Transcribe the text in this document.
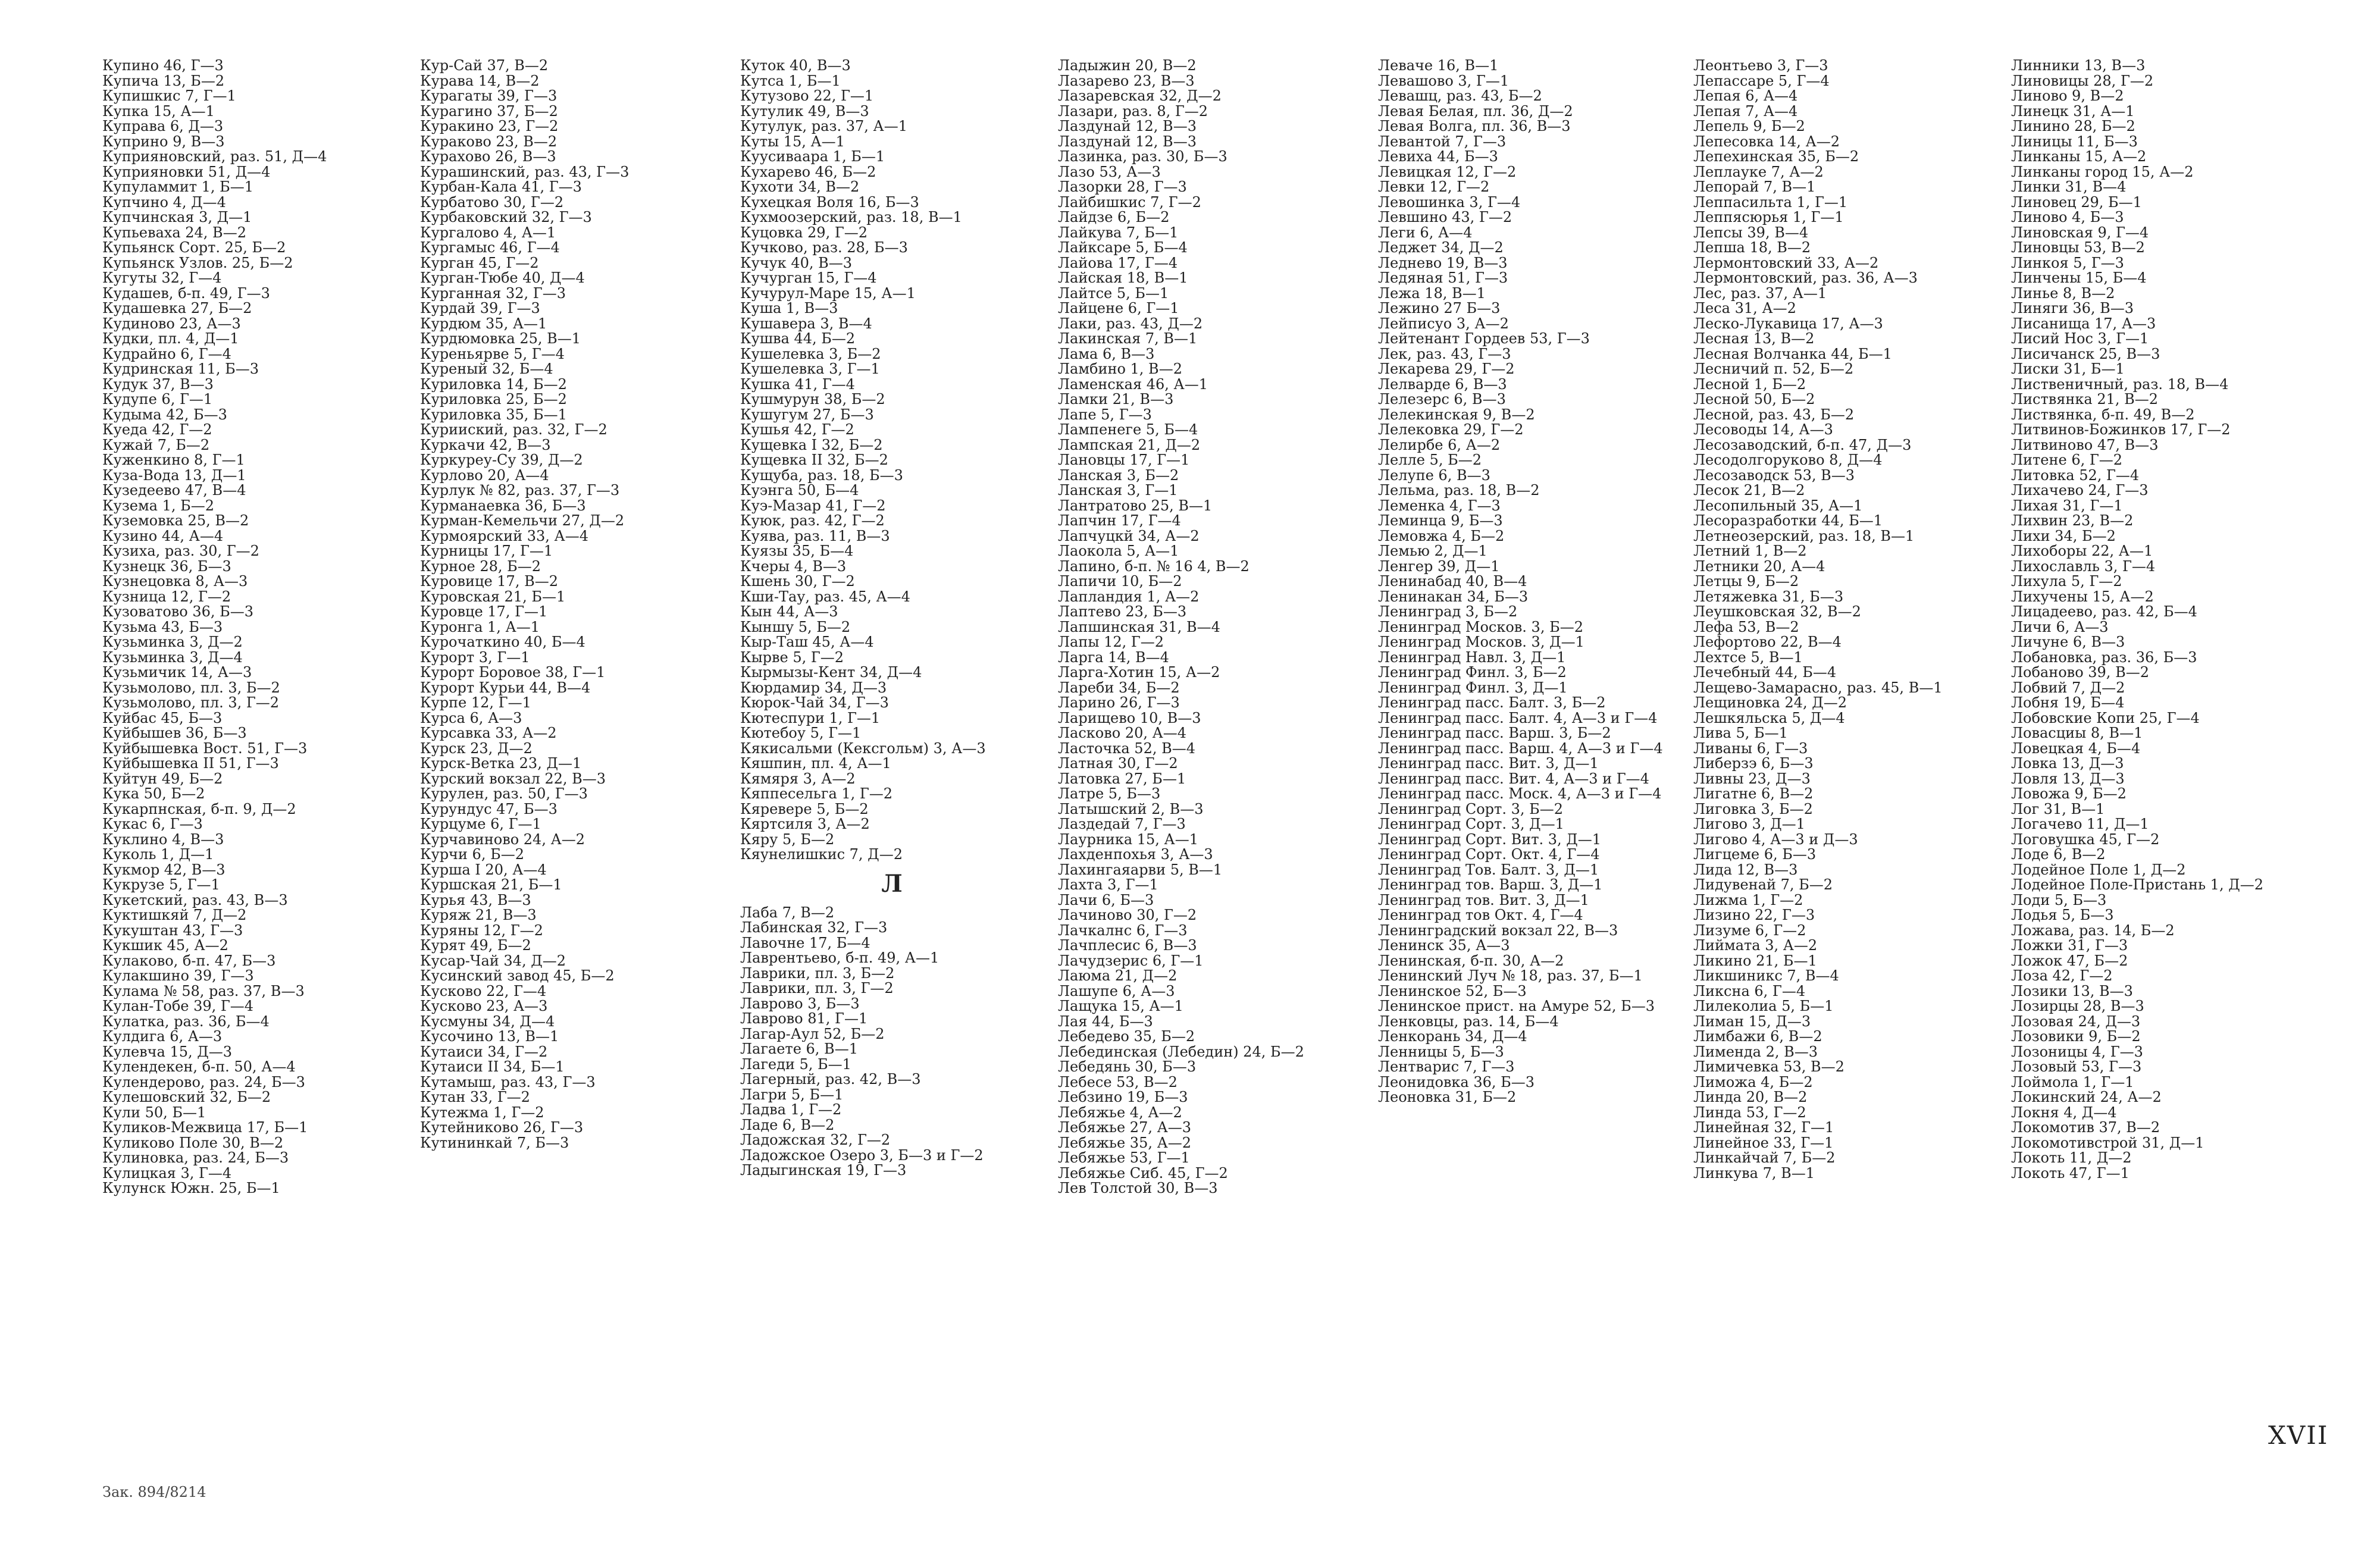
Купино 46, Г—3
Купича 13, Б—2
Купишкис 7, Г—1
Купка 15, А—1
Куправа 6, Д—3
Куприно 9, В—3
Куприяновский, раз. 51, Д—4
Куприяновки 51, Д—4
Купуламмит 1, Б—1
Купчино 4, Д—4
Купчинская 3, Д—1
Купьеваха 24, В—2
Купьянск Сорт. 25, Б—2
Купьянск Узлов. 25, Б—2
Кугуты 32, Г—4
Кудашев, б-п. 49, Г—3
Кудашевка 27, Б—2
Кудиново 23, А—3
Кудки, пл. 4, Д—1
Кудрайно 6, Г—4
Кудринская 11, Б—3
Кудук 37, В—3
Кудупе 6, Г—1
Кудыма 42, Б—3
Куеда 42, Г—2
Кужай 7, Б—2
Куженкино 8, Г—1
Куза-Вода 13, Д—1
Кузедеево 47, В—4
Кузема 1, Б—2
Куземовка 25, В—2
Кузино 44, А—4
Кузиха, раз. 30, Г—2
Кузнецк 36, Б—3
Кузнецовка 8, А—3
Кузница 12, Г—2
Кузоватово 36, Б—3
Кузьма 43, Б—3
Кузьминка 3, Д—2
Кузьминка 3, Д—4
Кузьмичик 14, А—3
Кузьмолово, пл. 3, Б—2
Кузьмолово, пл. 3, Г—2
Куйбас 45, Б—3
Куйбышев 36, Б—3
Куйбышевка Вост. 51, Г—3
Куйбышевка II 51, Г—3
Куйтун 49, Б—2
Кука 50, Б—2
Кукарпнская, б-п. 9, Д—2
Кукас 6, Г—3
Куклино 4, В—3
Куколь 1, Д—1
Кукмор 42, В—3
Кукрузе 5, Г—1
Кукетский, раз. 43, В—3
Куктишкяй 7, Д—2
Кукуштан 43, Г—3
Кукшик 45, А—2
Кулаково, б-п. 47, Б—3
Кулакшино 39, Г—3
Кулама № 58, раз. 37, В—3
Кулан-Тобе 39, Г—4
Кулатка, раз. 36, Б—4
Кулдига 6, А—3
Кулевча 15, Д—3
Кулендекен, б-п. 50, А—4
Кулендерово, раз. 24, Б—3
Кулешовский 32, Б—2
Кули 50, Б—1
Куликов-Межвица 17, Б—1
Куликово Поле 30, В—2
Кулиновка, раз. 24, Б—3
Кулицкая 3, Г—4
Кулунск Южн. 25, Б—1
Кур-Сай 37, В—2
Курава 14, В—2
Курагаты 39, Г—3
Курагино 37, Б—2
Куракино 23, Г—2
Кураково 23, В—2
Курахово 26, В—3
Курашинский, раз. 43, Г—3
Курбан-Кала 41, Г—3
Курбатово 30, Г—2
Курбаковский 32, Г—3
Кургалово 4, А—1
Кургамыс 46, Г—4
Курган 45, Г—2
Курган-Тюбе 40, Д—4
Курганная 32, Г—3
Курдай 39, Г—3
Курдюм 35, А—1
Курдюмовка 25, В—1
Куреньярве 5, Г—4
Куреный 32, Б—4
Куриловка 14, Б—2
Куриловка 25, Б—2
Куриловка 35, Б—1
Курииский, раз. 32, Г—2
Куркачи 42, В—3
Куркуреу-Су 39, Д—2
Курлово 20, А—4
Курлук № 82, раз. 37, Г—3
Курманаевка 36, Б—3
Курман-Кемельчи 27, Д—2
Курмоярский 33, А—4
Курницы 17, Г—1
Курное 28, Б—2
Куровице 17, В—2
Куровская 21, Б—1
Куровце 17, Г—1
Куронга 1, А—1
Курочаткино 40, Б—4
Курорт 3, Г—1
Курорт Боровое 38, Г—1
Курорт Курьи 44, В—4
Курпе 12, Г—1
Курса 6, А—3
Курсавка 33, А—2
Курск 23, Д—2
Курск-Ветка 23, Д—1
Курский вокзал 22, В—3
Курулен, раз. 50, Г—3
Курундус 47, Б—3
Курцуме 6, Г—1
Курчавиново 24, А—2
Курчи 6, Б—2
Курша I 20, А—4
Куршская 21, Б—1
Курья 43, В—3
Куряж 21, В—3
Куряны 12, Г—2
Курят 49, Б—2
Кусар-Чай 34, Д—2
Кусинский завод 45, Б—2
Кусково 22, Г—4
Кусково 23, А—3
Кусмуны 34, Д—4
Кусочино 13, В—1
Кутаиси 34, Г—2
Кутаиси II 34, Б—1
Кутамыш, раз. 43, Г—3
Кутан 33, Г—2
Кутежма 1, Г—2
Кутейниково 26, Г—3
Кутининкай 7, Б—3
Куток 40, В—3
Кутса 1, Б—1
Кутузово 22, Г—1
Кутулик 49, В—3
Кутулук, раз. 37, А—1
Куты 15, А—1
Куусиваара 1, Б—1
Кухарево 46, Б—2
Кухоти 34, В—2
Кухецкая Воля 16, Б—3
Кухмоозерский, раз. 18, В—1
Куцовка 29, Г—2
Кучково, раз. 28, Б—3
Кучук 40, В—3
Кучурган 15, Г—4
Кучурул-Маре 15, А—1
Куша 1, В—3
Кушавера 3, В—4
Кушва 44, Б—2
Кушелевка 3, Б—2
Кушелевка 3, Г—1
Кушка 41, Г—4
Кушмурун 38, Б—2
Кушугум 27, Б—3
Кушья 42, Г—2
Кущевка I 32, Б—2
Кущевка II 32, Б—2
Кущуба, раз. 18, Б—3
Куэнга 50, Б—4
Куэ-Мазар 41, Г—2
Куюк, раз. 42, Г—2
Куява, раз. 11, В—3
Куязы 35, Б—4
Кчеры 4, В—3
Кшень 30, Г—2
Кши-Тау, раз. 45, А—4
Кын 44, А—3
Кыншу 5, Б—2
Кыр-Таш 45, А—4
Кырве 5, Г—2
Кырмызы-Кент 34, Д—4
Кюрдамир 34, Д—3
Кюрок-Чай 34, Г—3
Кютеспури 1, Г—1
Кютебоу 5, Г—1
Кякисальми (Кексгольм) 3, А—3
Кяшпин, пл. 4, А—1
Кямяря 3, А—2
Кяппесельга 1, Г—2
Кяревере 5, Б—2
Кяртсиля 3, А—2
Кяру 5, Б—2
Кяунелишкис 7, Д—2
Л
Лаба 7, В—2
Лабинская 32, Г—3
Лавочне 17, Б—4
Лаврентьево, б-п. 49, А—1
Лаврики, пл. 3, Б—2
Лаврики, пл. 3, Г—2
Лаврово 3, Б—3
Лаврово 81, Г—1
Лагар-Аул 52, Б—2
Лагаете 6, В—1
Лагеди 5, Б—1
Лагерный, раз. 42, В—3
Лагри 5, Б—1
Ладва 1, Г—2
Ладе 6, В—2
Ладожская 32, Г—2
Ладожское Озеро 3, Б—3 и Г—2
Ладыгинская 19, Г—3
Ладыжин 20, В—2
Лазарево 23, В—3
Лазаревская 32, Д—2
Лазари, раз. 8, Г—2
Лаздунай 12, В—3
Лаздунай 12, В—3
Лазинка, раз. 30, Б—3
Лазо 53, А—3
Лазорки 28, Г—3
Лайбишкис 7, Г—2
Лайдзе 6, Б—2
Лайкува 7, Б—1
Лайксаре 5, Б—4
Лайова 17, Г—4
Лайская 18, В—1
Лайтсе 5, Б—1
Лайцене 6, Г—1
Лаки, раз. 43, Д—2
Лакинская 7, В—1
Лама 6, В—3
Ламбино 1, В—2
Ламенская 46, А—1
Ламки 21, В—3
Лапе 5, Г—3
Лампенеге 5, Б—4
Лампская 21, Д—2
Лановцы 17, Г—1
Ланская 3, Б—2
Ланская 3, Г—1
Лантратово 25, В—1
Лапчин 17, Г—4
Лапчуцкй 34, А—2
Лаокола 5, А—1
Лапино, б-п. № 16 4, В—2
Лапичи 10, Б—2
Лапландия 1, А—2
Лаптево 23, Б—3
Лапшинская 31, В—4
Лапы 12, Г—2
Ларга 14, В—4
Ларга-Хотин 15, А—2
Лареби 34, Б—2
Ларино 26, Г—3
Ларищево 10, В—3
Ласково 20, А—4
Ласточка 52, В—4
Латная 30, Г—2
Латовка 27, Б—1
Латре 5, Б—3
Латышский 2, В—3
Лаздедай 7, Г—3
Лаурника 15, А—1
Лахденпохья 3, А—3
Лахингаяарви 5, В—1
Лахта 3, Г—1
Лачи 6, Б—3
Лачиново 30, Г—2
Лачкалнс 6, Г—3
Лачплесис 6, В—3
Лачудзерис 6, Г—1
Лаюма 21, Д—2
Лашупе 6, А—3
Лащука 15, А—1
Лая 44, Б—3
Лебедево 35, Б—2
Лебединская (Лебедин) 24, Б—2
Лебедянь 30, Б—3
Лебесе 53, В—2
Лебзино 19, Б—3
Лебяжье 4, А—2
Лебяжье 27, А—3
Лебяжье 35, А—2
Лебяжье 53, Г—1
Лебяжье Сиб. 45, Г—2
Лев Толстой 30, В—3
Леваче 16, В—1
Левашово 3, Г—1
Левашц, раз. 43, Б—2
Левая Белая, пл. 36, Д—2
Левая Волга, пл. 36, В—3
Левантой 7, Г—3
Левиха 44, Б—3
Левицкая 12, Г—2
Левки 12, Г—2
Левошинка 3, Г—4
Левшино 43, Г—2
Леги 6, А—4
Леджет 34, Д—2
Леднево 19, В—3
Ледяная 51, Г—3
Лежа 18, В—1
Лежино 27 Б—3
Лейписуо 3, А—2
Лейтенант Гордеев 53, Г—3
Лек, раз. 43, Г—3
Лекарева 29, Г—2
Лелварде 6, В—3
Лелезерс 6, В—3
Лелекинская 9, В—2
Лелековка 29, Г—2
Лелирбе 6, А—2
Лелле 5, Б—2
Лелупе 6, В—3
Лельма, раз. 18, В—2
Леменка 4, Г—3
Леминца 9, Б—3
Лемовжа 4, Б—2
Лемью 2, Д—1
Ленгер 39, Д—1
Ленинабад 40, В—4
Ленинакан 34, Б—3
Ленинград 3, Б—2
Ленинград Москов. 3, Б—2
Ленинград Москов. 3, Д—1
Ленинград Навл. 3, Д—1
Ленинград Финл. 3, Б—2
Ленинград Финл. 3, Д—1
Ленинград пасс. Балт. 3, Б—2
Ленинград пасс. Балт. 4, А—3 и Г—4
Ленинград пасс. Варш. 3, Б—2
Ленинград пасс. Варш. 4, А—3 и Г—4
Ленинград пасс. Вит. 3, Д—1
Ленинград пасс. Вит. 4, А—3 и Г—4
Ленинград пасс. Моск. 4, А—3 и Г—4
Ленинград Сорт. 3, Б—2
Ленинград Сорт. 3, Д—1
Ленинград Сорт. Вит. 3, Д—1
Ленинград Сорт. Окт. 4, Г—4
Ленинград Тов. Балт. 3, Д—1
Ленинград тов. Варш. 3, Д—1
Ленинград тов. Вит. 3, Д—1
Ленинград тов Окт. 4, Г—4
Ленинградский вокзал 22, В—3
Ленинск 35, А—3
Ленинская, б-п. 30, А—2
Ленинский Луч № 18, раз. 37, Б—1
Ленинское 52, Б—3
Ленинское прист. на Амуре 52, Б—3
Ленковцы, раз. 14, Б—4
Ленкорань 34, Д—4
Ленницы 5, Б—3
Лентварис 7, Г—3
Леонидовка 36, Б—3
Леоновка 31, Б—2
Леонтьево 3, Г—3
Лепассаре 5, Г—4
Лепая 6, А—4
Лепая 7, А—4
Лепель 9, Б—2
Лепесовка 14, А—2
Лепехинская 35, Б—2
Леплауке 7, А—2
Лепорай 7, В—1
Леппасильта 1, Г—1
Леппясюрья 1, Г—1
Лепсы 39, В—4
Лепша 18, В—2
Лермонтовский 33, А—2
Лермонтовский, раз. 36, А—3
Лес, раз. 37, А—1
Леса 31, А—2
Леско-Лукавица 17, А—3
Лесная 13, В—2
Лесная Волчанка 44, Б—1
Лесничий п. 52, Б—2
Лесной 1, Б—2
Лесной 50, Б—2
Лесной, раз. 43, Б—2
Лесоводы 14, А—3
Лесозаводский, б-п. 47, Д—3
Лесодолгоруково 8, Д—4
Лесозаводск 53, В—3
Лесок 21, В—2
Лесопильный 35, А—1
Лесоразработки 44, Б—1
Летнеозерский, раз. 18, В—1
Летний 1, В—2
Летники 20, А—4
Летцы 9, Б—2
Летяжевка 31, Б—3
Леушковская 32, В—2
Лефа 53, В—2
Лефортово 22, В—4
Лехтсе 5, В—1
Лечебный 44, Б—4
Лещево-Замарасно, раз. 45, В—1
Лещиновка 24, Д—2
Лешкяльска 5, Д—4
Лива 5, Б—1
Ливаны 6, Г—3
Либерзэ 6, Б—3
Ливны 23, Д—3
Лигатне 6, В—2
Лиговка 3, Б—2
Лигово 3, Д—1
Лигово 4, А—3 и Д—3
Лигцеме 6, Б—3
Лида 12, В—3
Лидувенай 7, Б—2
Лижма 1, Г—2
Лизино 22, Г—3
Лизуме 6, Г—2
Лиймата 3, А—2
Ликино 21, Б—1
Ликшиникс 7, В—4
Ликсна 6, Г—4
Лилеколиа 5, Б—1
Лиман 15, Д—3
Лимбажи 6, В—2
Лименда 2, В—3
Лимичевка 53, В—2
Лиможа 4, Б—2
Линда 20, В—2
Линда 53, Г—2
Линейная 32, Г—1
Линейное 33, Г—1
Линкайчай 7, Б—2
Линкува 7, В—1
Линники 13, В—3
Линовицы 28, Г—2
Линово 9, В—2
Линецк 31, А—1
Линино 28, Б—2
Линицы 11, Б—3
Линканы 15, А—2
Линканы город 15, А—2
Линки 31, В—4
Линовец 29, Б—1
Линово 4, Б—3
Линовская 9, Г—4
Линовцы 53, В—2
Линкоя 5, Г—3
Линчены 15, Б—4
Линье 8, В—2
Линяги 36, В—3
Лисанища 17, А—3
Лисий Нос 3, Г—1
Лисичанск 25, В—3
Лиски 31, Б—1
Лиственичный, раз. 18, В—4
Листвянка 21, В—2
Листвянка, б-п. 49, В—2
Литвинов-Божинков 17, Г—2
Литвиново 47, В—3
Литене 6, Г—2
Литовка 52, Г—4
Лихачево 24, Г—3
Лихая 31, Г—1
Лихвин 23, В—2
Лихи 34, Б—2
Лихоборы 22, А—1
Лихославль 3, Г—4
Лихула 5, Г—2
Лихучены 15, А—2
Лицадеево, раз. 42, Б—4
Личи 6, А—3
Личуне 6, В—3
Лобановка, раз. 36, Б—3
Лобаново 39, В—2
Лобвий 7, Д—2
Лобня 19, Б—4
Лобовские Копи 25, Г—4
Ловасциы 8, В—1
Ловецкая 4, Б—4
Ловка 13, Д—3
Ловля 13, Д—3
Ловожа 9, Б—2
Лог 31, В—1
Логачево 11, Д—1
Логовушка 45, Г—2
Лоде 6, В—2
Лодейное Поле 1, Д—2
Лодейное Поле-Пристань 1, Д—2
Лоди 5, Б—3
Лодья 5, Б—3
Ложава, раз. 14, Б—2
Ложки 31, Г—3
Ложок 47, Б—2
Лоза 42, Г—2
Лозики 13, В—3
Лозирцы 28, В—3
Лозовая 24, Д—3
Лозовики 9, Б—2
Лозоницы 4, Г—3
Лозовый 53, Г—3
Лоймола 1, Г—1
Локинский 24, А—2
Локня 4, Д—4
Локомотив 37, В—2
Локомотивстрой 31, Д—1
Локоть 11, Д—2
Локоть 47, Г—1
XVII
Зак. 894/8214
